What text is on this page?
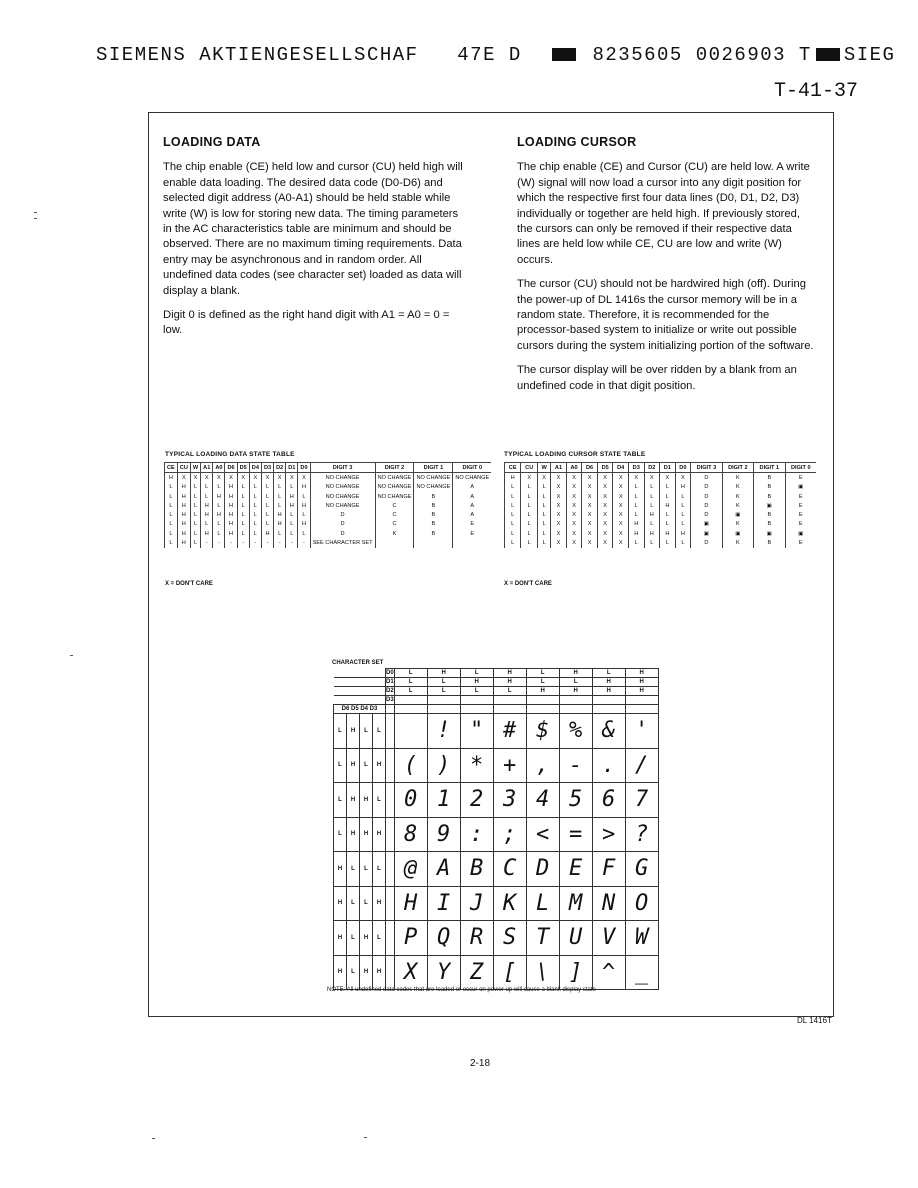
SIEMENS AKTIENGESELLSCHAF 47E D	8235605 0026903 T SIEG
T-41-37
LOADING DATA

The chip enable (CE) held low and cursor (CU) held high will enable data loading. The desired data code (D0-D6) and selected digit address (A0-A1) should be held stable while write (W) is low for storing new data. The timing parameters in the AC characteristics table are minimum and should be observed. There are no maximum timing requirements. Data entry may be asynchronous and in random order. All undefined data codes (see character set) loaded as data will display a blank.

Digit 0 is defined as the right hand digit with A1 = A0 = 0 = low.

LOADING CURSOR

The chip enable (CE) and Cursor (CU) are held low. A write (W) signal will now load a cursor into any digit position for which the respective first four data lines (D0, D1, D2, D3) individually or together are held high. If previously stored, the cursors can only be removed if their respective data lines are held low while CE, CU are low and write (W) occurs.

The cursor (CU) should not be hardwired high (off). During the power-up of DL 1416s the cursor memory will be in a random state. Therefore, it is recommended for the processor-based system to initialize or write out possible cursors during the system initializing portion of the software.

The cursor display will be over ridden by a blank from an undefined code in that digit position.

TYPICAL LOADING DATA STATE TABLE
CE	CU	W	A1	A0	D6	D5	D4	D3	D2	D1	D0	DIGIT 3	DIGIT 2	DIGIT 1	DIGIT 0
H	X	X	X	X	X	X	X	X	X	X	X	NO CHANGE	NO CHANGE	NO CHANGE	NO CHANGE
L	H	L	L	L	H	L	L	L	L	L	H	NO CHANGE	NO CHANGE	NO CHANGE	A
L	H	L	L	H	H	L	L	L	L	H	L	NO CHANGE	NO CHANGE	B	A
L	H	L	H	L	H	L	L	L	L	H	H	NO CHANGE	C	B	A
L	H	L	H	H	H	L	L	L	H	L	L	D	C	B	A
L	H	L	L	L	H	L	L	L	H	L	H	D	C	B	E
L	H	L	H	L	H	L	L	H	L	L	L	D	K	B	E
L	H	L	-	-	-	-	-	-	-	-	-	SEE CHARACTER SET			
X = DON'T CARE
TYPICAL LOADING CURSOR STATE TABLE
CE	CU	W	A1	A0	D6	D5	D4	D3	D2	D1	D0	DIGIT 3	DIGIT 2	DIGIT 1	DIGIT 0
H	X	X	X	X	X	X	X	X	X	X	X	D	K	B	E
L	L	L	X	X	X	X	X	L	L	L	H	D	K	B	▣
L	L	L	X	X	X	X	X	L	L	L	L	D	K	B	E
L	L	L	X	X	X	X	X	L	L	H	L	D	K	▣	E
L	L	L	X	X	X	X	X	L	H	L	L	D	▣	B	E
L	L	L	X	X	X	X	X	H	L	L	L	▣	K	B	E
L	L	L	X	X	X	X	X	H	H	H	H	▣	▣	▣	▣
L	L	L	X	X	X	X	X	L	L	L	L	D	K	B	E
X = DON'T CARE
CHARACTER SET
				D0	L	H	L	H	L	H	L	H
				D1	L	L	H	H	L	L	H	H
				D2	L	L	L	L	H	H	H	H
				D3								
D6 D5 D4 D3												
L	H	L	L			!	"	#	$	%	&	'
L	H	L	H		(	)	*	+	,	-	.	/
L	H	H	L		0	1	2	3	4	5	6	7
L	H	H	H		8	9	:	;	<	=	>	?
H	L	L	L		@	A	B	C	D	E	F	G
H	L	L	H		H	I	J	K	L	M	N	O
H	L	H	L		P	Q	R	S	T	U	V	W
H	L	H	H		X	Y	Z	[	\	]	^	_
NOTE: All undefined data codes that are loaded or occur on power up will cause a blank display state
DL 1416T
2-18
